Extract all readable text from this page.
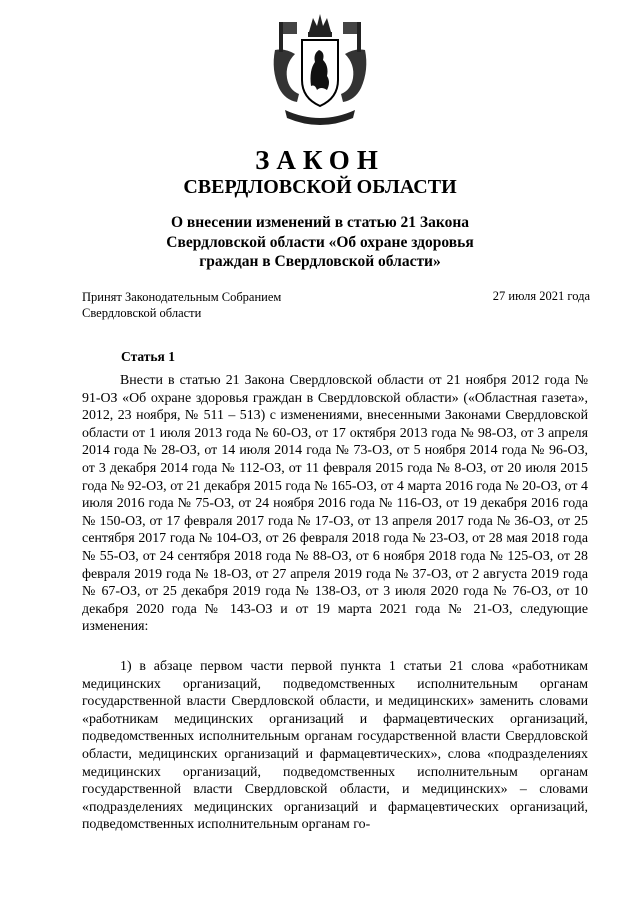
ЗАКОН
СВЕРДЛОВСКОЙ ОБЛАСТИ
О внесении изменений в статью 21 Закона Свердловской области «Об охране здоровья граждан в Свердловской области»
Принят Законодательным Собранием Свердловской области
27 июля 2021 года
Статья 1

Внести в статью 21 Закона Свердловской области от 21 ноября 2012 года № 91-ОЗ «Об охране здоровья граждан в Свердловской области» («Областная газета», 2012, 23 ноября, № 511 – 513) с изменениями, внесенными Законами Свердловской области от 1 июля 2013 года № 60-ОЗ, от 17 октября 2013 года № 98-ОЗ, от 3 апреля 2014 года № 28-ОЗ, от 14 июля 2014 года № 73-ОЗ, от 5 ноября 2014 года № 96-ОЗ, от 3 декабря 2014 года № 112-ОЗ, от 11 февраля 2015 года № 8-ОЗ, от 20 июля 2015 года № 92-ОЗ, от 21 декабря 2015 года № 165-ОЗ, от 4 марта 2016 года № 20-ОЗ, от 4 июля 2016 года № 75-ОЗ, от 24 ноября 2016 года № 116-ОЗ, от 19 декабря 2016 года № 150-ОЗ, от 17 февраля 2017 года № 17-ОЗ, от 13 апреля 2017 года № 36-ОЗ, от 25 сентября 2017 года № 104-ОЗ, от 26 февраля 2018 года № 23-ОЗ, от 28 мая 2018 года № 55-ОЗ, от 24 сентября 2018 года № 88-ОЗ, от 6 ноября 2018 года № 125-ОЗ, от 28 февраля 2019 года № 18-ОЗ, от 27 апреля 2019 года № 37-ОЗ, от 2 августа 2019 года № 67-ОЗ, от 25 декабря 2019 года № 138-ОЗ, от 3 июля 2020 года № 76-ОЗ, от 10 декабря 2020 года № 143-ОЗ и от 19 марта 2021 года № 21-ОЗ, следующие изменения:

1) в абзаце первом части первой пункта 1 статьи 21 слова «работникам медицинских организаций, подведомственных исполнительным органам государственной власти Свердловской области, и медицинских» заменить словами «работникам медицинских организаций и фармацевтических организаций, подведомственных исполнительным органам государственной власти Свердловской области, медицинских организаций и фармацевтических», слова «подразделениях медицинских организаций, подведомственных исполнительным органам государственной власти Свердловской области, и медицинских» – словами «подразделениях медицинских организаций и фармацевтических организаций, подведомственных исполнительным органам го-
